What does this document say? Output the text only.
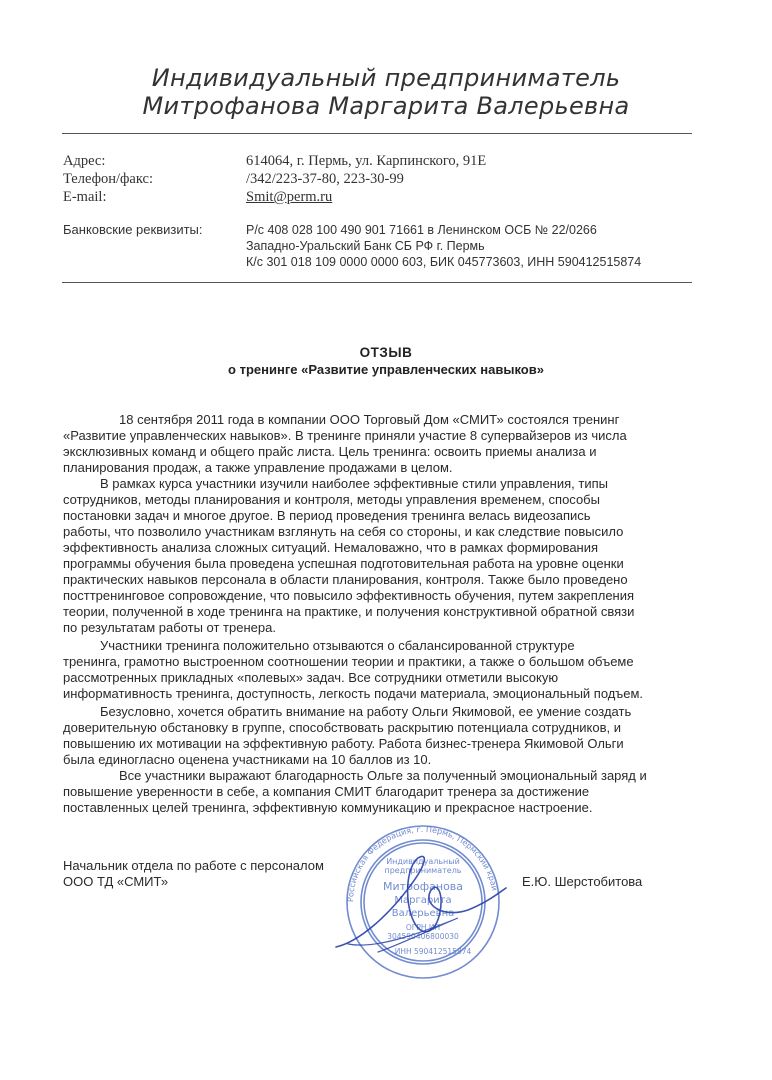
Индивидуальный предприниматель
Митрофанова Маргарита Валерьевна
Адрес:	614064, г. Пермь, ул. Карпинского, 91Е
Телефон/факс:	/342/223-37-80, 223-30-99
E-mail:	Smit@perm.ru
Банковские реквизиты:	Р/с 408 028 100 490 901 71661 в Ленинском ОСБ № 22/0266
Западно-Уральский Банк СБ РФ г. Пермь
К/с 301 018 109 0000 0000 603, БИК 045773603, ИНН 590412515874
ОТЗЫВ
о тренинге «Развитие управленческих навыков»
18 сентября 2011 года в компании ООО Торговый Дом «СМИТ» состоялся тренинг
«Развитие управленческих навыков». В тренинге приняли участие 8 супервайзеров из числа
эксклюзивных команд и общего прайс листа. Цель тренинга: освоить приемы анализа и
планирования продаж, а также управление продажами в целом.
В рамках курса участники изучили наиболее эффективные стили управления, типы
сотрудников, методы планирования и контроля, методы управления временем, способы
постановки задач и многое другое. В период проведения тренинга велась видеозапись
работы, что позволило участникам взглянуть на себя со стороны, и как следствие повысило
эффективность анализа сложных ситуаций. Немаловажно, что в рамках формирования
программы обучения была проведена успешная подготовительная работа на уровне оценки
практических навыков персонала в области планирования, контроля. Также было проведено
посттренинговое сопровождение, что повысило эффективность обучения, путем закрепления
теории, полученной в ходе тренинга на практике, и получения конструктивной обратной связи
по результатам работы от тренера.
Участники тренинга положительно отзываются о сбалансированной структуре
тренинга, грамотно выстроенном соотношении теории и практики, а также о большом объеме
рассмотренных прикладных «полевых» задач. Все сотрудники отметили высокую
информативность тренинга, доступность, легкость подачи материала, эмоциональный подъем.
Безусловно, хочется обратить внимание на работу Ольги Якимовой, ее умение создать
доверительную обстановку в группе, способствовать раскрытию потенциала сотрудников, и
повышению их мотивации на эффективную работу. Работа бизнес-тренера Якимовой Ольги
была единогласно оценена участниками на 10 баллов из 10.
Все участники выражают благодарность Ольге за полученный эмоциональный заряд и
повышение уверенности в себе, а компания СМИТ благодарит тренера за достижение
поставленных целей тренинга, эффективную коммуникацию и прекрасное настроение.
Начальник отдела по работе с персоналом
ООО ТД «СМИТ»	Е.Ю. Шерстобитова
Российская Федерация, г. Пермь, Пермский край
Индивидуальный
предприниматель
Митрофанова
Маргарита
Валерьевна
ОГРН ИП
304590406800030
ИНН 590412515874
